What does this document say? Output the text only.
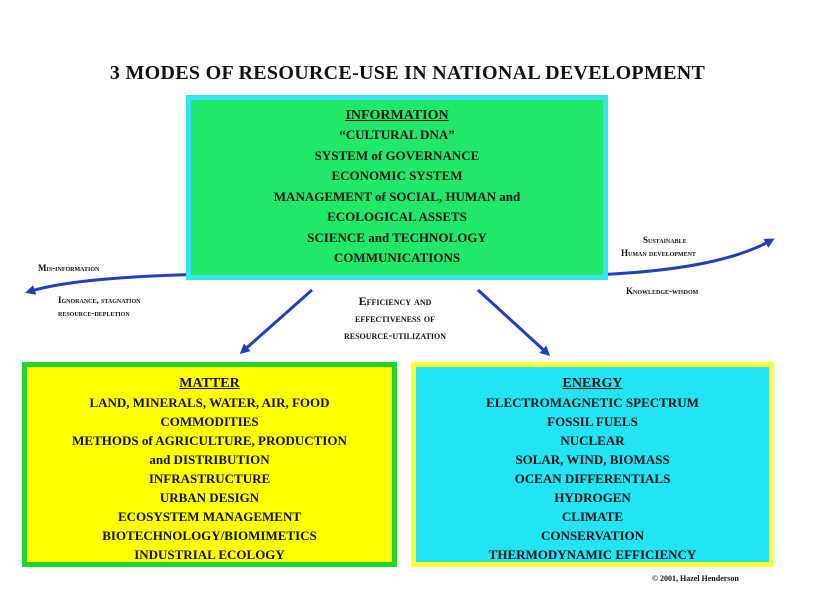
3 MODES OF RESOURCE-USE IN NATIONAL DEVELOPMENT
INFORMATION
“CULTURAL DNA”
SYSTEM of GOVERNANCE
ECONOMIC SYSTEM
MANAGEMENT of SOCIAL, HUMAN and
ECOLOGICAL ASSETS
SCIENCE and TECHNOLOGY
COMMUNICATIONS
Mis-information
Ignorance, stagnation
resource-depletion
Sustainable
Human development
Knowledge-wisdom
Efficiency and
effectiveness of
resource-utilization
MATTER
LAND, MINERALS, WATER, AIR, FOOD
COMMODITIES
METHODS of AGRICULTURE, PRODUCTION
and DISTRIBUTION
INFRASTRUCTURE
URBAN DESIGN
ECOSYSTEM MANAGEMENT
BIOTECHNOLOGY/BIOMIMETICS
INDUSTRIAL ECOLOGY
ENERGY
ELECTROMAGNETIC SPECTRUM
FOSSIL FUELS
NUCLEAR
SOLAR, WIND, BIOMASS
OCEAN DIFFERENTIALS
HYDROGEN
CLIMATE
CONSERVATION
THERMODYNAMIC EFFICIENCY
© 2001, Hazel Henderson
